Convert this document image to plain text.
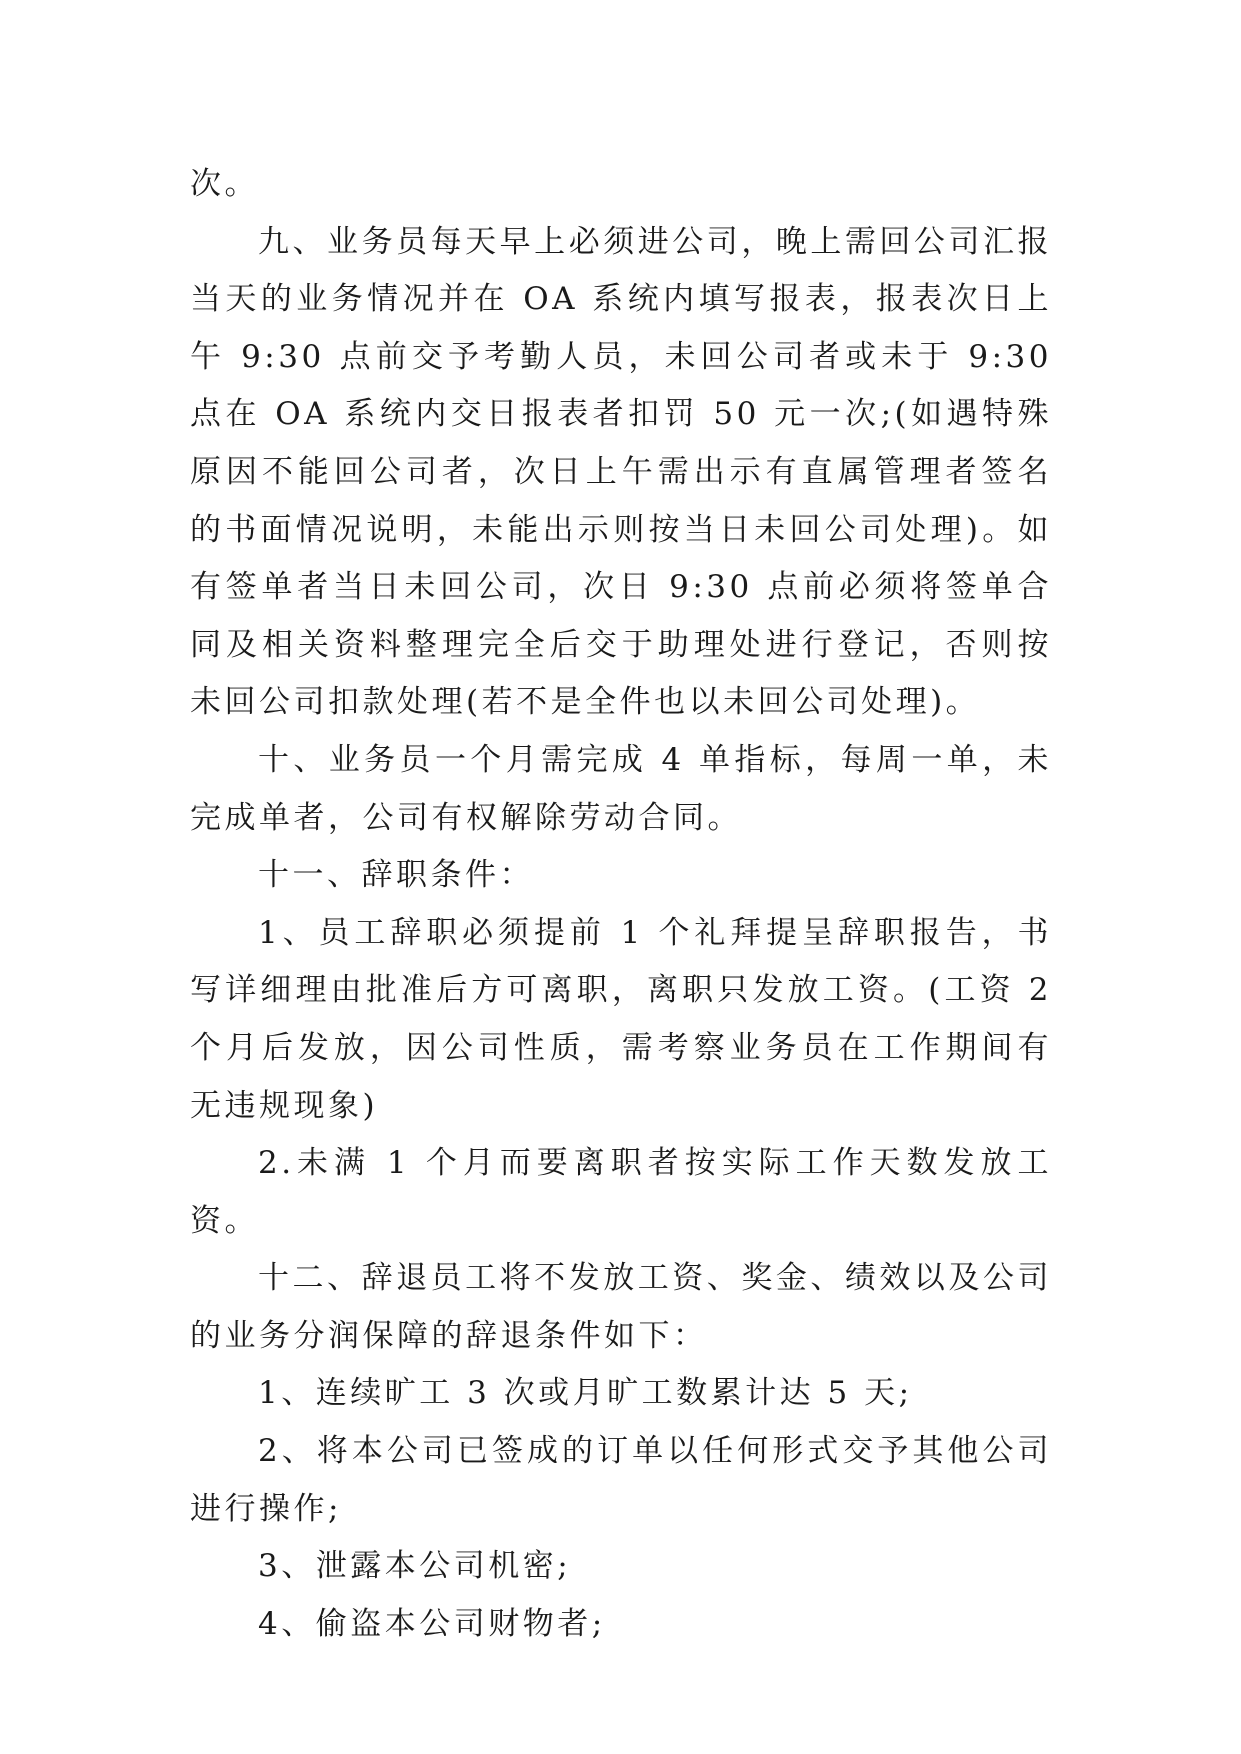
次。

九、业务员每天早上必须进公司，晚上需回公司汇报当天的业务情况并在 OA 系统内填写报表，报表次日上午 9:30 点前交予考勤人员，未回公司者或未于 9:30 点在 OA 系统内交日报表者扣罚 50 元一次;(如遇特殊原因不能回公司者，次日上午需出示有直属管理者签名的书面情况说明，未能出示则按当日未回公司处理)。如有签单者当日未回公司，次日 9:30 点前必须将签单合同及相关资料整理完全后交于助理处进行登记，否则按未回公司扣款处理(若不是全件也以未回公司处理)。

十、业务员一个月需完成 4 单指标，每周一单，未完成单者，公司有权解除劳动合同。

十一、辞职条件：

1、员工辞职必须提前 1 个礼拜提呈辞职报告，书写详细理由批准后方可离职，离职只发放工资。(工资 2 个月后发放，因公司性质，需考察业务员在工作期间有无违规现象)

2.未满 1 个月而要离职者按实际工作天数发放工资。

十二、辞退员工将不发放工资、奖金、绩效以及公司的业务分润保障的辞退条件如下：

1、连续旷工 3 次或月旷工数累计达 5 天;

2、将本公司已签成的订单以任何形式交予其他公司进行操作;

3、泄露本公司机密;

4、偷盗本公司财物者;
